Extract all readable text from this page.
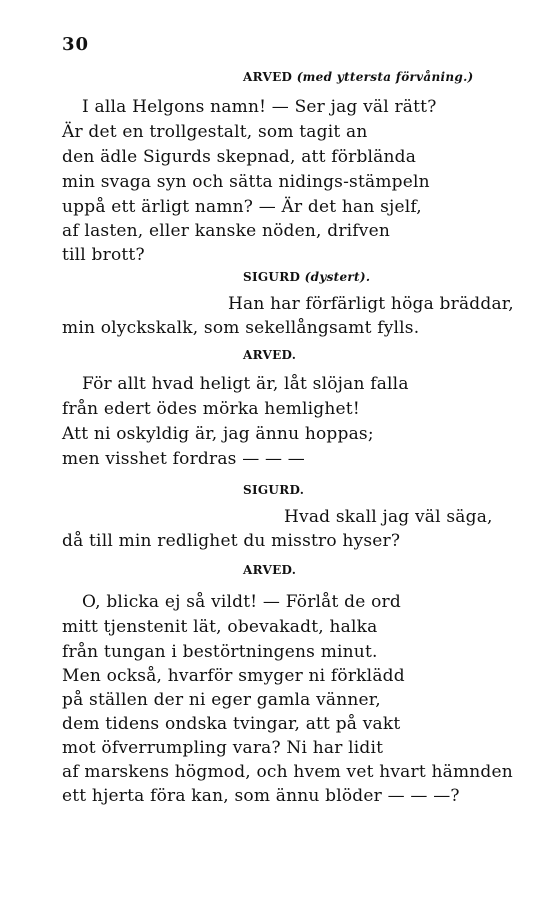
30
ARVED (med yttersta förvåning.)
I alla Helgons namn! — Ser jag väl rätt?
Är det en trollgestalt, som tagit an
den ädle Sigurds skepnad, att förblända
min svaga syn och sätta nidings-stämpeln
uppå ett ärligt namn? — Är det han sjelf,
af lasten, eller kanske nöden, drifven
till brott?
SIGURD (dystert).
Han har förfärligt höga bräddar,
min olyckskalk, som sekellångsamt fylls.
ARVED.
För allt hvad heligt är, låt slöjan falla
från edert ödes mörka hemlighet!
Att ni oskyldig är, jag ännu hoppas;
men visshet fordras — — —
SIGURD.
Hvad skall jag väl säga,
då till min redlighet du misstro hyser?
ARVED.
O, blicka ej så vildt! — Förlåt de ord
mitt tjenstenit lät, obevakadt, halka
från tungan i bestörtningens minut.
Men också, hvarför smyger ni förklädd
på ställen der ni eger gamla vänner,
dem tidens ondska tvingar, att på vakt
mot öfverrumpling vara? Ni har lidit
af marskens högmod, och hvem vet hvart hämnden
ett hjerta föra kan, som ännu blöder — — —?
